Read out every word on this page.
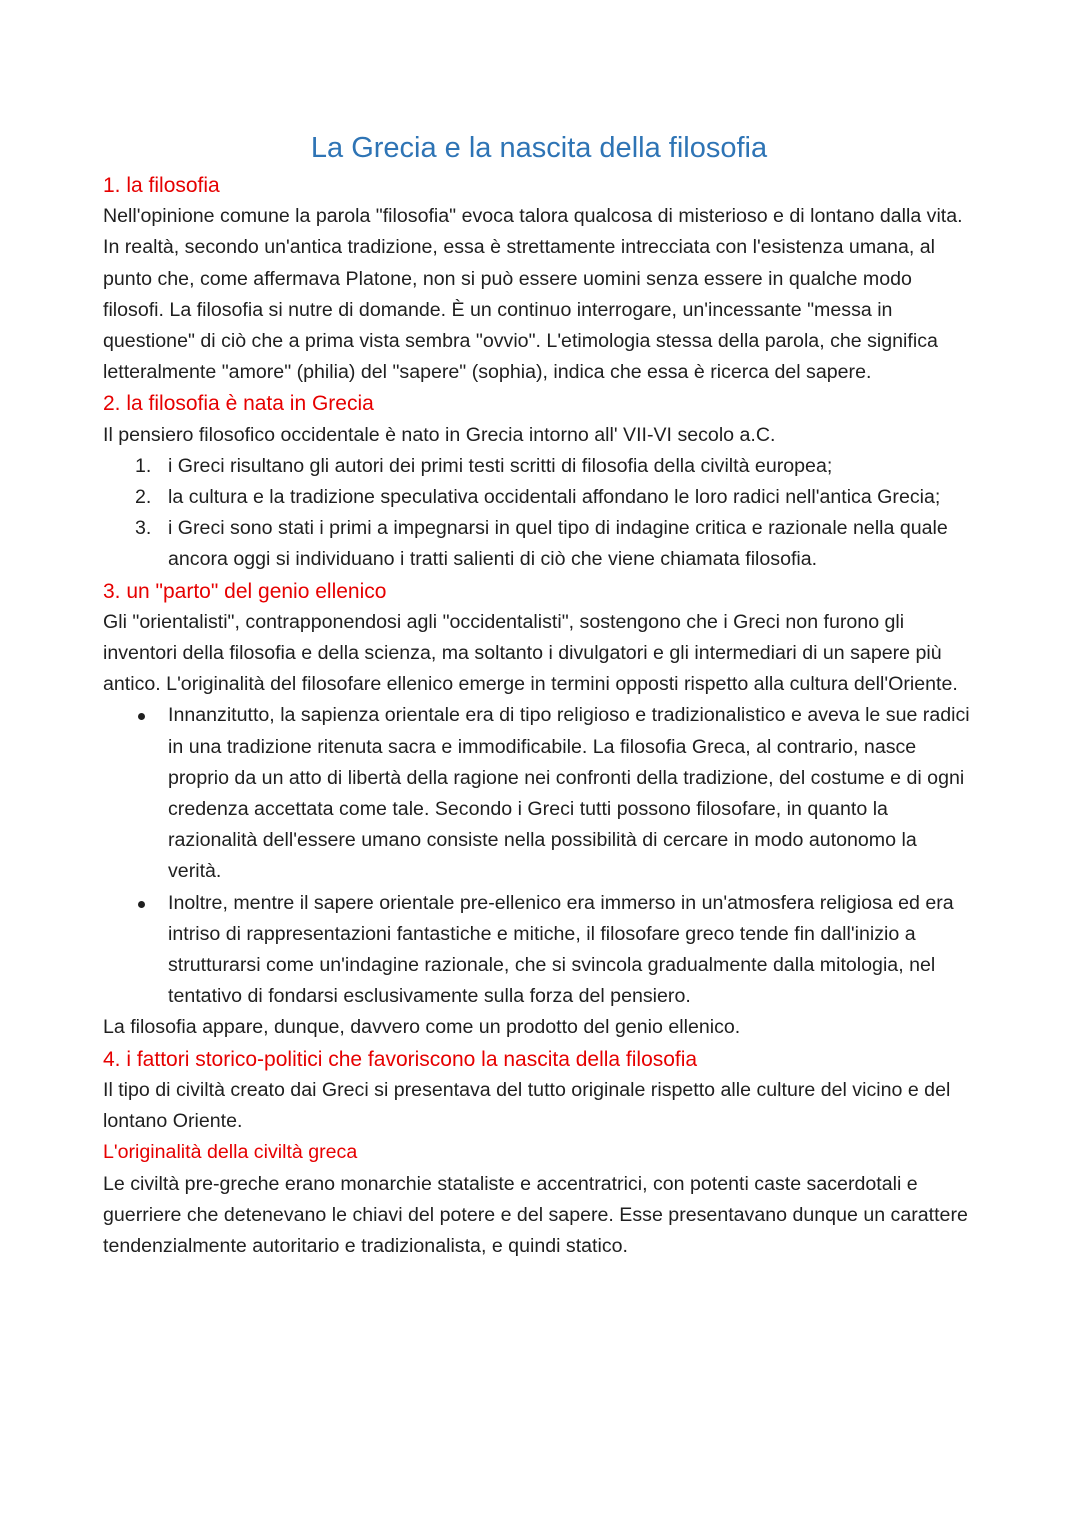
La Grecia e la nascita della filosofia
1. la filosofia

Nell'opinione comune la parola "filosofia" evoca talora qualcosa di misterioso e di lontano dalla vita. In realtà, secondo un'antica tradizione, essa è strettamente intrecciata con l'esistenza umana, al punto che, come affermava Platone, non si può essere uomini senza essere in qualche modo filosofi. La filosofia si nutre di domande. È un continuo interrogare, un'incessante "messa in questione" di ciò che a prima vista sembra "ovvio". L'etimologia stessa della parola, che significa letteralmente "amore" (philia) del "sapere" (sophia), indica che essa è ricerca del sapere.

2. la filosofia è nata in Grecia

Il pensiero filosofico occidentale è nato in Grecia intorno all' VII-VI secolo a.C.

1. i Greci risultano gli autori dei primi testi scritti di filosofia della civiltà europea;
2. la cultura e la tradizione speculativa occidentali affondano le loro radici nell'antica Grecia;
3. i Greci sono stati i primi a impegnarsi in quel tipo di indagine critica e razionale nella quale ancora oggi si individuano i tratti salienti di ciò che viene chiamata filosofia.
3. un "parto" del genio ellenico

Gli "orientalisti", contrapponendosi agli "occidentalisti", sostengono che i Greci non furono gli inventori della filosofia e della scienza, ma soltanto i divulgatori e gli intermediari di un sapere più antico. L'originalità del filosofare ellenico emerge in termini opposti rispetto alla cultura dell'Oriente.

Innanzitutto, la sapienza orientale era di tipo religioso e tradizionalistico e aveva le sue radici in una tradizione ritenuta sacra e immodificabile. La filosofia Greca, al contrario, nasce proprio da un atto di libertà della ragione nei confronti della tradizione, del costume e di ogni credenza accettata come tale. Secondo i Greci tutti possono filosofare, in quanto la razionalità dell'essere umano consiste nella possibilità di cercare in modo autonomo la verità.
Inoltre, mentre il sapere orientale pre-ellenico era immerso in un'atmosfera religiosa ed era intriso di rappresentazioni fantastiche e mitiche, il filosofare greco tende fin dall'inizio a strutturarsi come un'indagine razionale, che si svincola gradualmente dalla mitologia, nel tentativo di fondarsi esclusivamente sulla forza del pensiero.

La filosofia appare, dunque, davvero come un prodotto del genio ellenico.

4. i fattori storico-politici che favoriscono la nascita della filosofia

Il tipo di civiltà creato dai Greci si presentava del tutto originale rispetto alle culture del vicino e del lontano Oriente.

L'originalità della civiltà greca

Le civiltà pre-greche erano monarchie stataliste e accentratrici, con potenti caste sacerdotali e guerriere che detenevano le chiavi del potere e del sapere. Esse presentavano dunque un carattere tendenzialmente autoritario e tradizionalista, e quindi statico.
